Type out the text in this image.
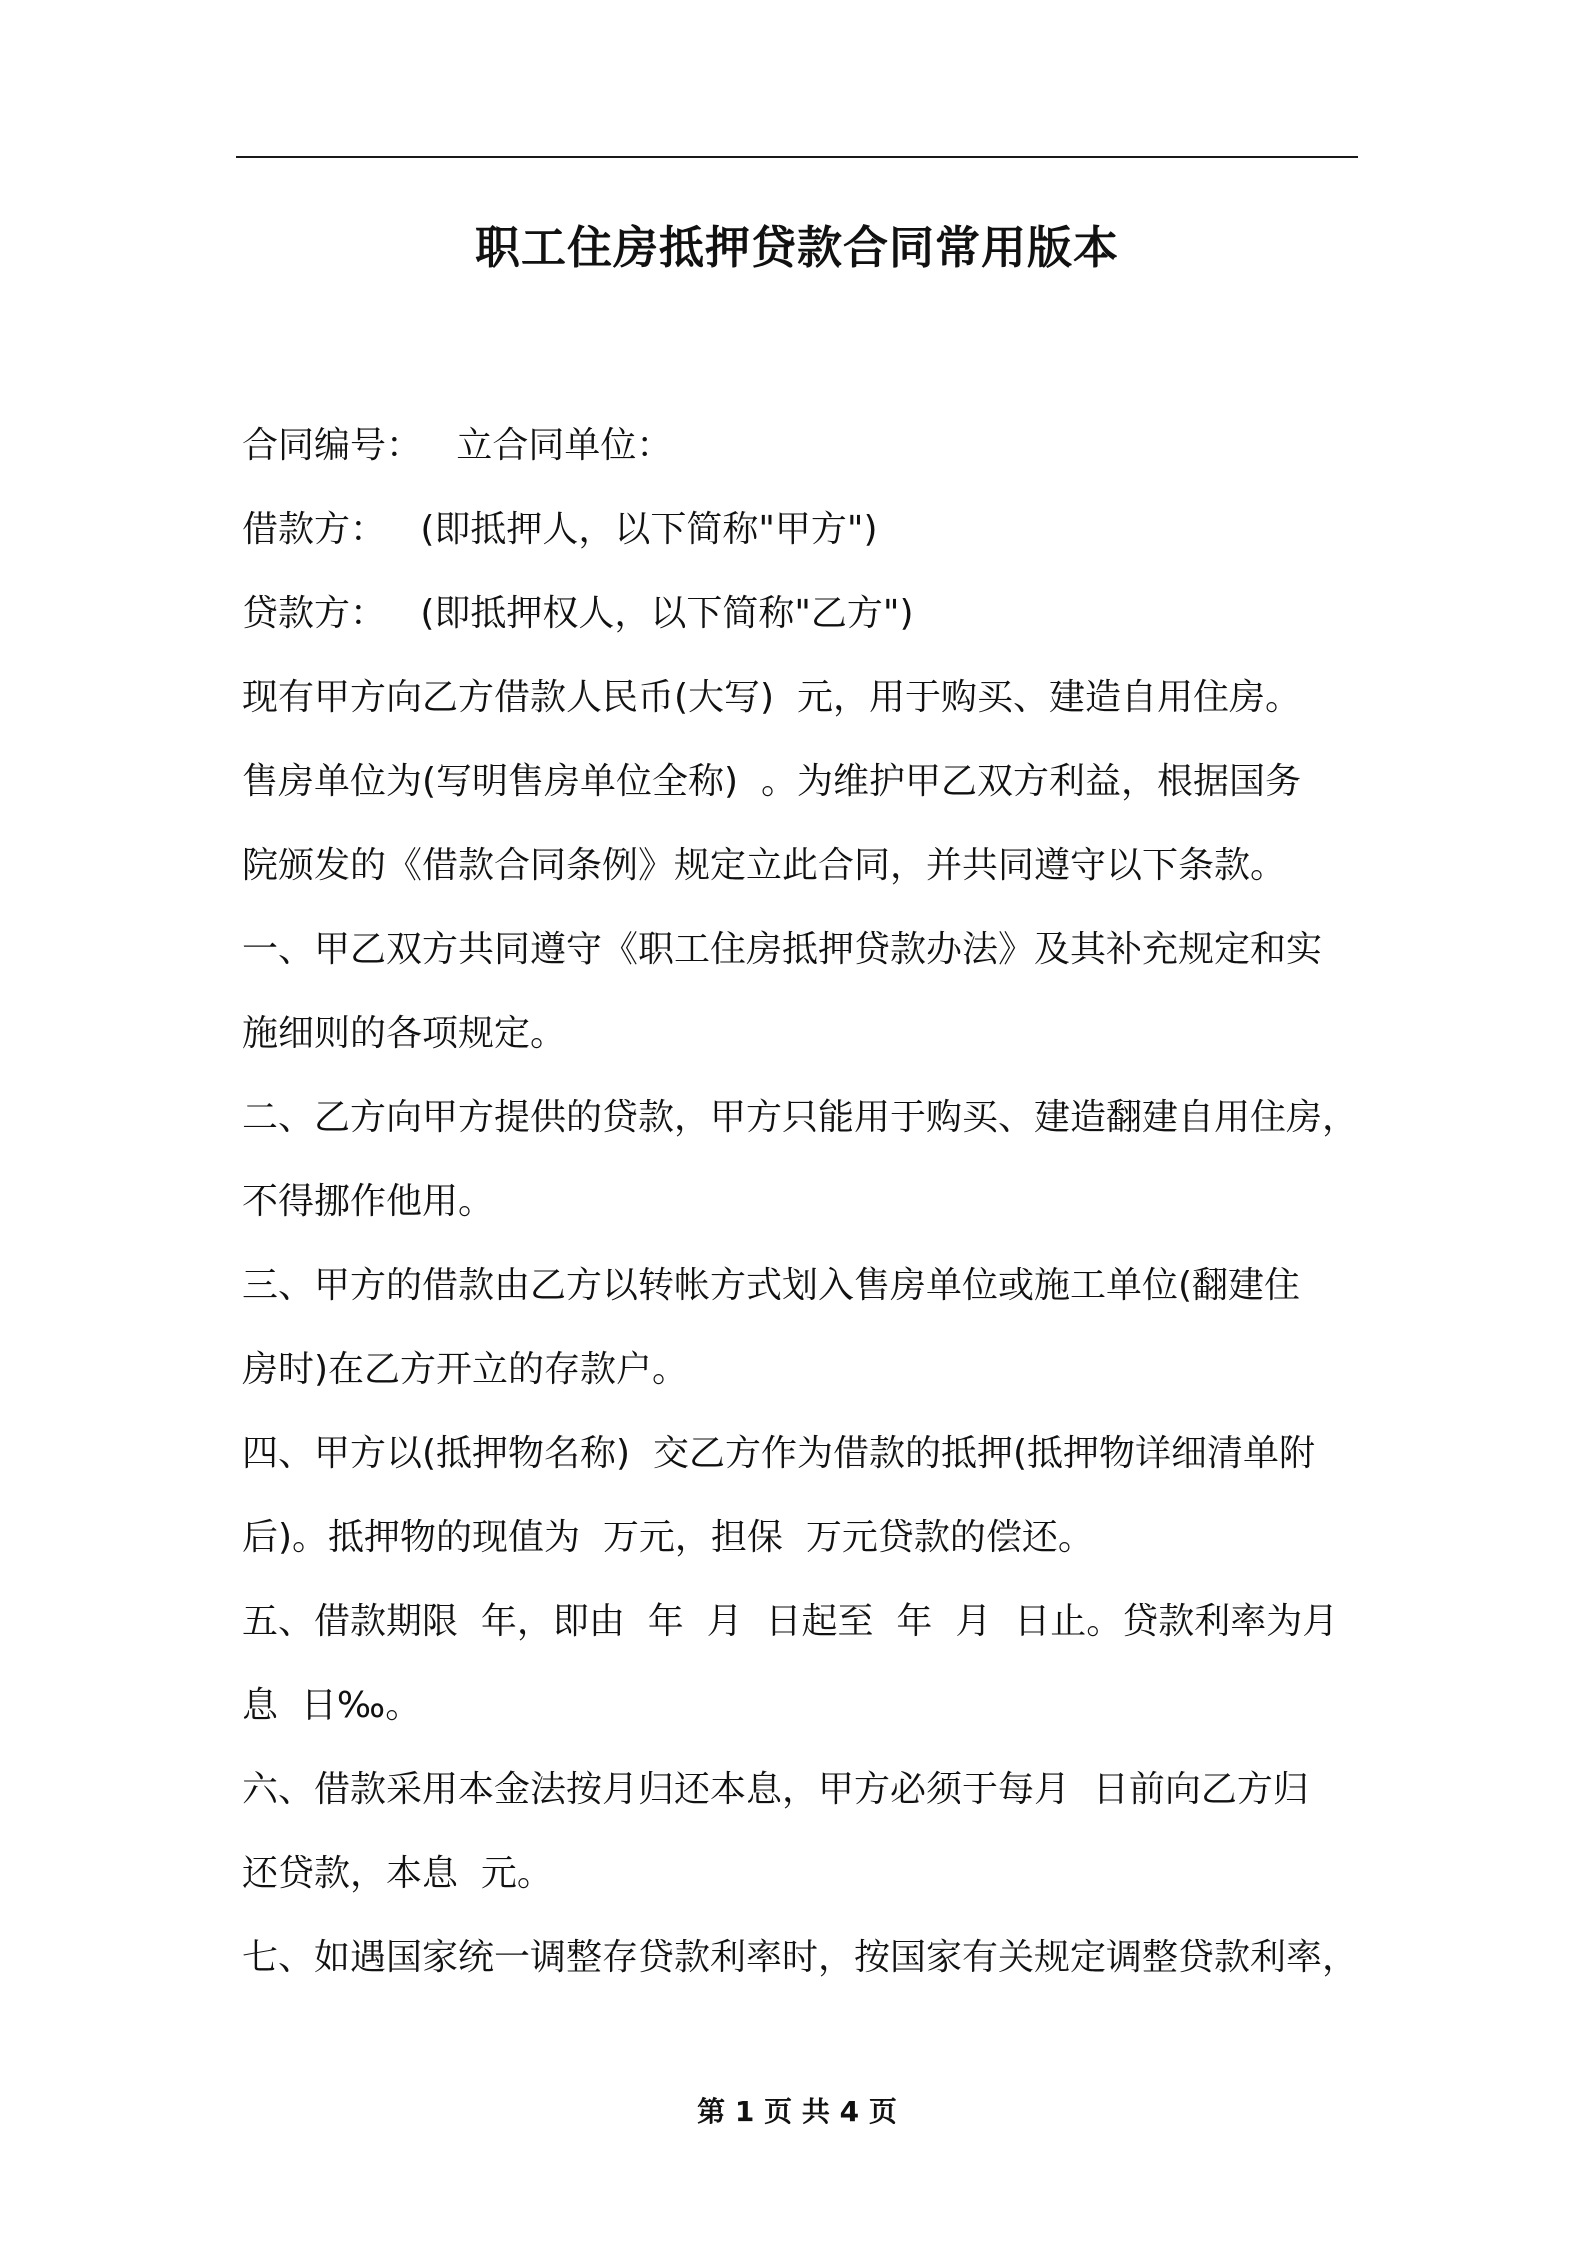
职工住房抵押贷款合同常用版本

合同编号：   立合同单位：

借款方：   (即抵押人，以下简称"甲方")

贷款方：   (即抵押权人，以下简称"乙方")

现有甲方向乙方借款人民币(大写)  元，用于购买、建造自用住房。

售房单位为(写明售房单位全称)  。为维护甲乙双方利益，根据国务

院颁发的《借款合同条例》规定立此合同，并共同遵守以下条款。

一、甲乙双方共同遵守《职工住房抵押贷款办法》及其补充规定和实

施细则的各项规定。

二、乙方向甲方提供的贷款，甲方只能用于购买、建造翻建自用住房，

不得挪作他用。

三、甲方的借款由乙方以转帐方式划入售房单位或施工单位(翻建住

房时)在乙方开立的存款户。

四、甲方以(抵押物名称)  交乙方作为借款的抵押(抵押物详细清单附

后)。抵押物的现值为  万元，担保  万元贷款的偿还。

五、借款期限  年，即由  年  月  日起至  年  月  日止。贷款利率为月

息  日‰。

六、借款采用本金法按月归还本息，甲方必须于每月  日前向乙方归

还贷款，本息  元。

七、如遇国家统一调整存贷款利率时，按国家有关规定调整贷款利率，

第 1 页 共 4 页
